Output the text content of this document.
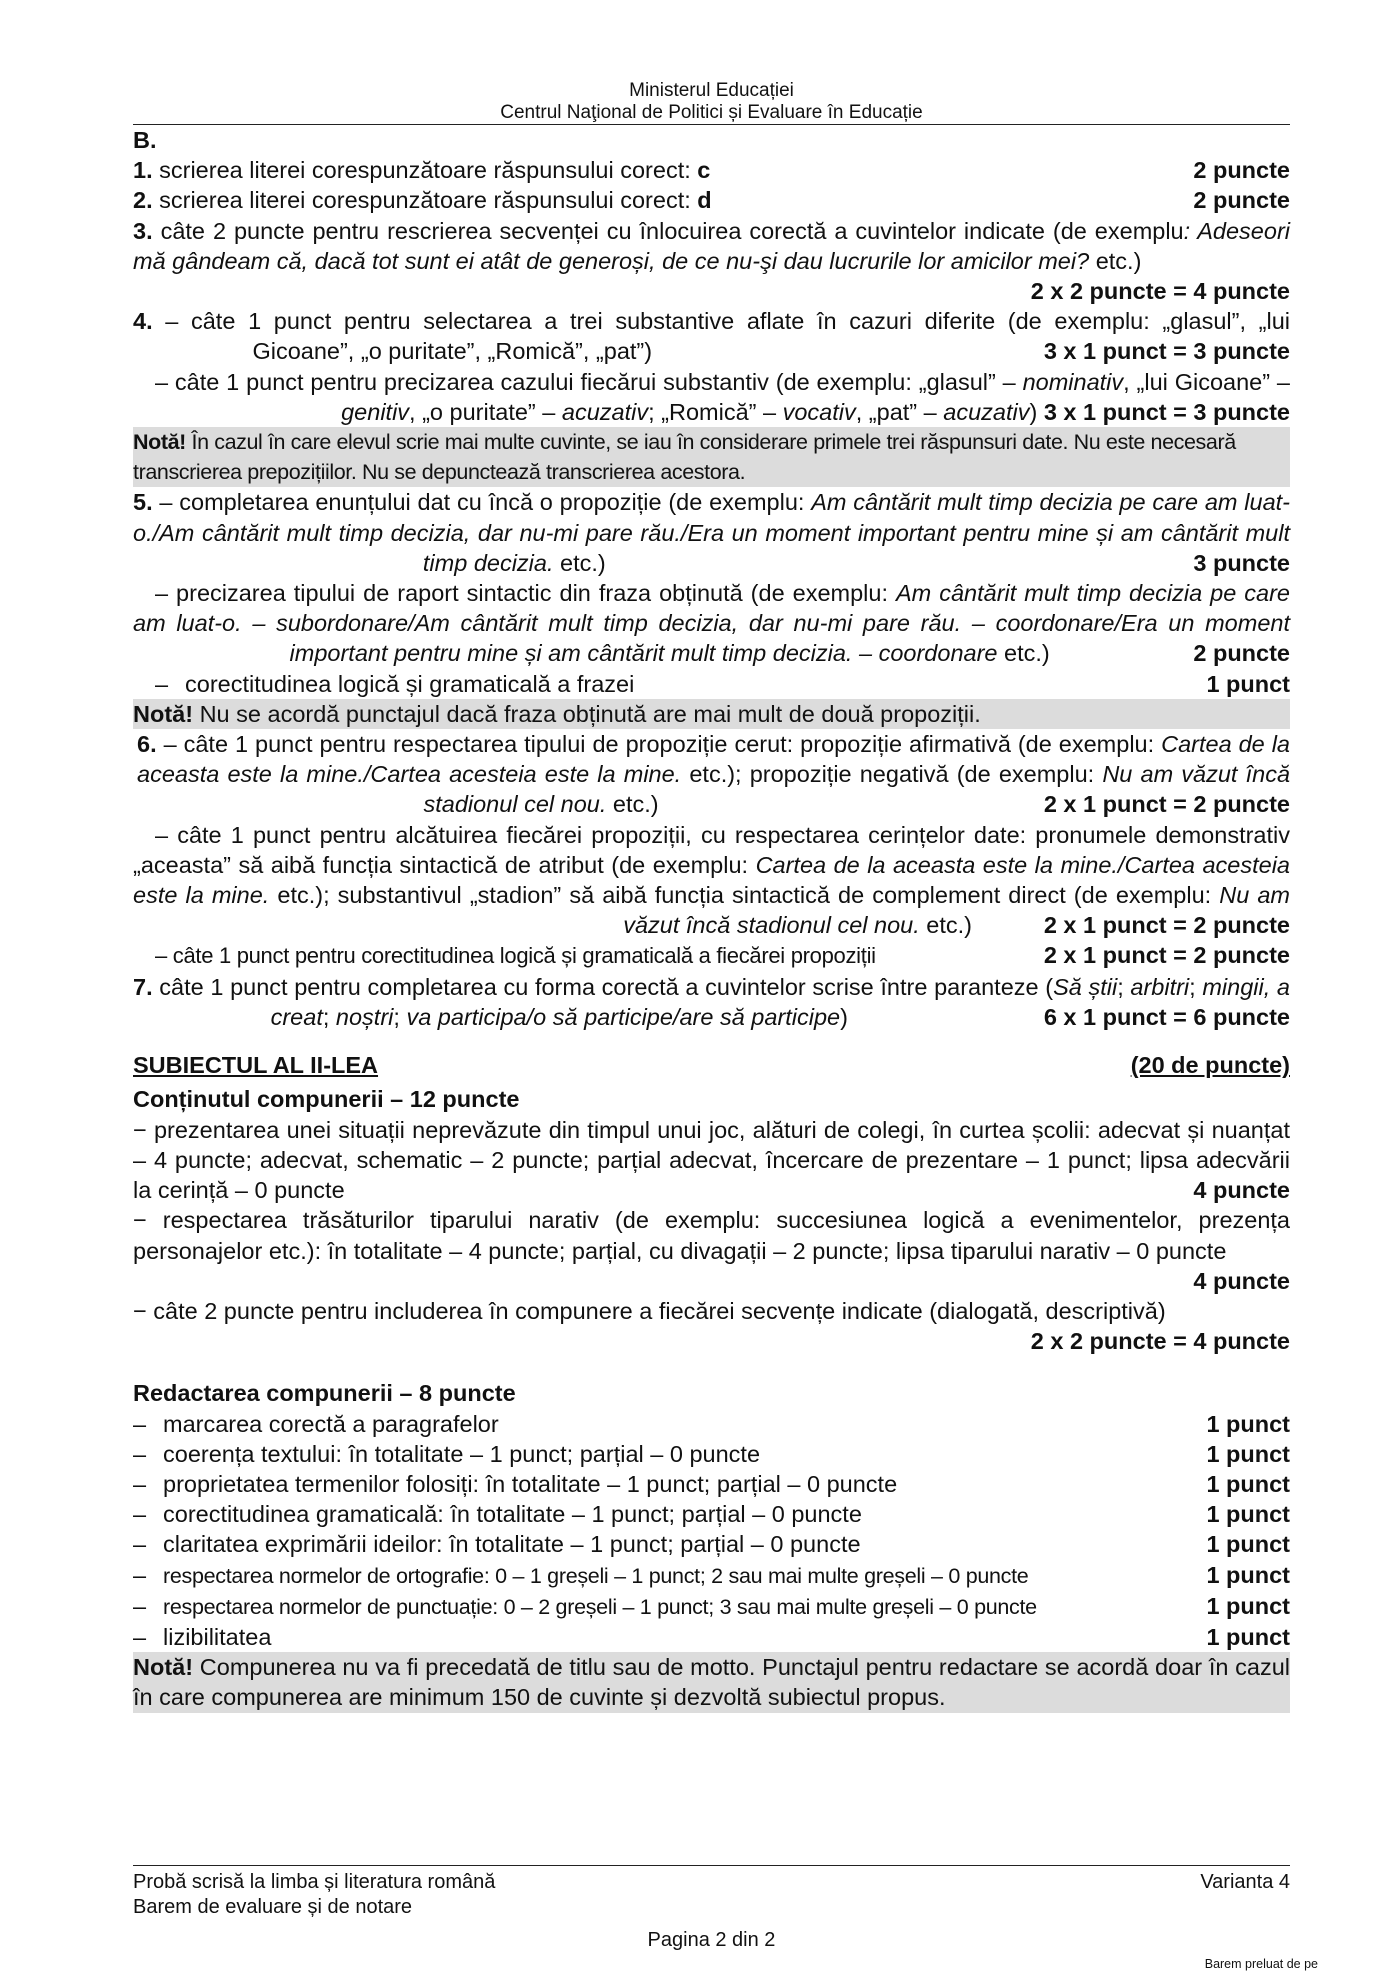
Ministerul Educației
Centrul Naţional de Politici și Evaluare în Educație
B.
1. scrierea literei corespunzătoare răspunsului corect: c	2 puncte
2. scrierea literei corespunzătoare răspunsului corect: d	2 puncte
3. câte 2 puncte pentru rescrierea secvenței cu înlocuirea corectă a cuvintelor indicate (de exemplu: Adeseori mă gândeam că, dacă tot sunt ei atât de generoși, de ce nu-şi dau lucrurile lor amicilor mei? etc.)
2 x 2 puncte = 4 puncte
4. – câte 1 punct pentru selectarea a trei substantive aflate în cazuri diferite (de exemplu: „glasul”, „lui Gicoane”, „o puritate”, „Romică”, „pat”)	3 x 1 punct = 3 puncte
– câte 1 punct pentru precizarea cazului fiecărui substantiv (de exemplu: „glasul” – nominativ, „lui Gicoane” – genitiv, „o puritate” – acuzativ; „Romică” – vocativ, „pat” – acuzativ) 3 x 1 punct = 3 puncte
Notă! În cazul în care elevul scrie mai multe cuvinte, se iau în considerare primele trei răspunsuri date. Nu este necesară transcrierea prepozițiilor. Nu se depunctează transcrierea acestora.
5. – completarea enunțului dat cu încă o propoziție (de exemplu: Am cântărit mult timp decizia pe care am luat-o./Am cântărit mult timp decizia, dar nu-mi pare rău./Era un moment important pentru mine și am cântărit mult timp decizia. etc.)	3 puncte
– precizarea tipului de raport sintactic din fraza obținută (de exemplu: Am cântărit mult timp decizia pe care am luat-o. – subordonare/Am cântărit mult timp decizia, dar nu-mi pare rău. – coordonare/Era un moment important pentru mine și am cântărit mult timp decizia. – coordonare etc.)	2 puncte
– corectitudinea logică și gramaticală a frazei	1 punct
Notă! Nu se acordă punctajul dacă fraza obținută are mai mult de două propoziții.
6. – câte 1 punct pentru respectarea tipului de propoziție cerut: propoziție afirmativă (de exemplu: Cartea de la aceasta este la mine./Cartea acesteia este la mine. etc.); propoziție negativă (de exemplu: Nu am văzut încă stadionul cel nou. etc.)	2 x 1 punct = 2 puncte
– câte 1 punct pentru alcătuirea fiecărei propoziții, cu respectarea cerințelor date: pronumele demonstrativ „aceasta” să aibă funcția sintactică de atribut (de exemplu: Cartea de la aceasta este la mine./Cartea acesteia este la mine. etc.); substantivul „stadion” să aibă funcția sintactică de complement direct (de exemplu: Nu am văzut încă stadionul cel nou. etc.)	2 x 1 punct = 2 puncte
– câte 1 punct pentru corectitudinea logică și gramaticală a fiecărei propoziții	2 x 1 punct = 2 puncte
7. câte 1 punct pentru completarea cu forma corectă a cuvintelor scrise între paranteze (Să știi; arbitri; mingii, a creat; noștri; va participa/o să participe/are să participe)	6 x 1 punct = 6 puncte
SUBIECTUL AL II-LEA	(20 de puncte)
Conținutul compunerii – 12 puncte
− prezentarea unei situații neprevăzute din timpul unui joc, alături de colegi, în curtea școlii: adecvat și nuanțat – 4 puncte; adecvat, schematic – 2 puncte; parțial adecvat, încercare de prezentare – 1 punct; lipsa adecvării la cerință – 0 puncte	4 puncte
− respectarea trăsăturilor tiparului narativ (de exemplu: succesiunea logică a evenimentelor, prezența personajelor etc.): în totalitate – 4 puncte; parțial, cu divagații – 2 puncte; lipsa tiparului narativ – 0 puncte
4 puncte
− câte 2 puncte pentru includerea în compunere a fiecărei secvențe indicate (dialogată, descriptivă)
2 x 2 puncte = 4 puncte
Redactarea compunerii – 8 puncte
– marcarea corectă a paragrafelor	1 punct
– coerența textului: în totalitate – 1 punct; parțial – 0 puncte	1 punct
– proprietatea termenilor folosiți: în totalitate – 1 punct; parțial – 0 puncte	1 punct
– corectitudinea gramaticală: în totalitate – 1 punct; parțial – 0 puncte	1 punct
– claritatea exprimării ideilor: în totalitate – 1 punct; parțial – 0 puncte	1 punct
– respectarea normelor de ortografie: 0 – 1 greșeli – 1 punct; 2 sau mai multe greșeli – 0 puncte	1 punct
– respectarea normelor de punctuație: 0 – 2 greșeli – 1 punct; 3 sau mai multe greșeli – 0 puncte	1 punct
– lizibilitatea	1 punct
Notă! Compunerea nu va fi precedată de titlu sau de motto. Punctajul pentru redactare se acordă doar în cazul în care compunerea are minimum 150 de cuvinte și dezvoltă subiectul propus.
Probă scrisă la limba și literatura română	Varianta 4
Barem de evaluare și de notare
Pagina 2 din 2
Barem preluat de pe
